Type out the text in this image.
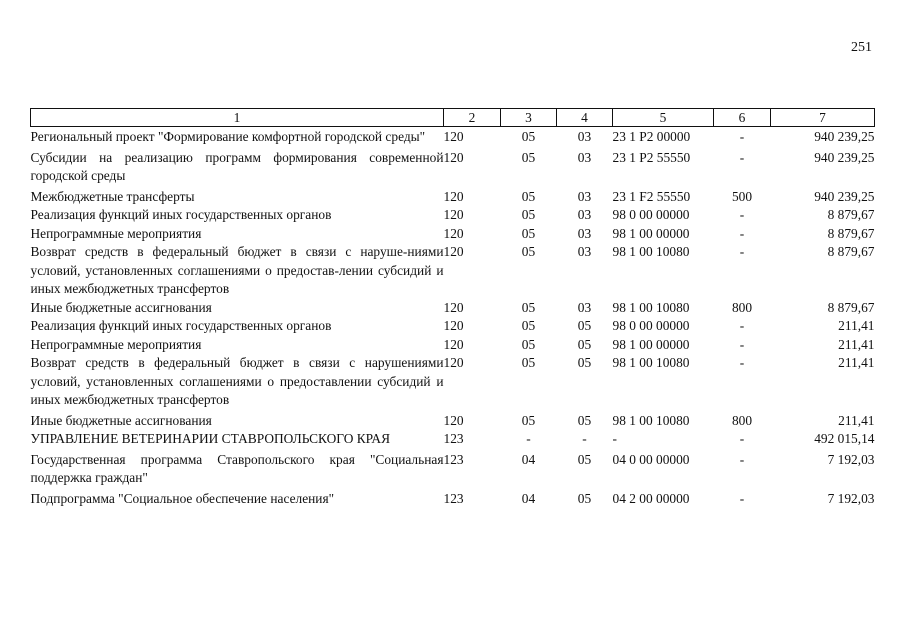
251
1	2	3	4	5	6	7
Региональный проект "Формирование комфортной городской среды"	120	05	03	23 1 P2 00000	-	940 239,25
Субсидии на реализацию программ формирования современной городской среды	120	05	03	23 1 P2 55550	-	940 239,25
Межбюджетные трансферты	120	05	03	23 1 F2 55550	500	940 239,25
Реализация функций иных государственных органов	120	05	03	98 0 00 00000	-	8 879,67
Непрограммные мероприятия	120	05	03	98 1 00 00000	-	8 879,67
Возврат средств в федеральный бюджет в связи с наруше-ниями условий, установленных соглашениями о предостав-лении субсидий и иных межбюджетных трансфертов	120	05	03	98 1 00 10080	-	8 879,67
Иные бюджетные ассигнования	120	05	03	98 1 00 10080	800	8 879,67
Реализация функций иных государственных органов	120	05	05	98 0 00 00000	-	211,41
Непрограммные мероприятия	120	05	05	98 1 00 00000	-	211,41
Возврат средств в федеральный бюджет в связи с нарушениями условий, установленных соглашениями о предоставлении субсидий и иных межбюджетных трансфертов	120	05	05	98 1 00 10080	-	211,41
Иные бюджетные ассигнования	120	05	05	98 1 00 10080	800	211,41
УПРАВЛЕНИЕ ВЕТЕРИНАРИИ СТАВРОПОЛЬСКОГО КРАЯ	123	-	-	-	-	492 015,14
Государственная программа Ставропольского края "Социальная поддержка граждан"	123	04	05	04 0 00 00000	-	7 192,03
Подпрограмма "Социальное обеспечение населения"	123	04	05	04 2 00 00000	-	7 192,03
